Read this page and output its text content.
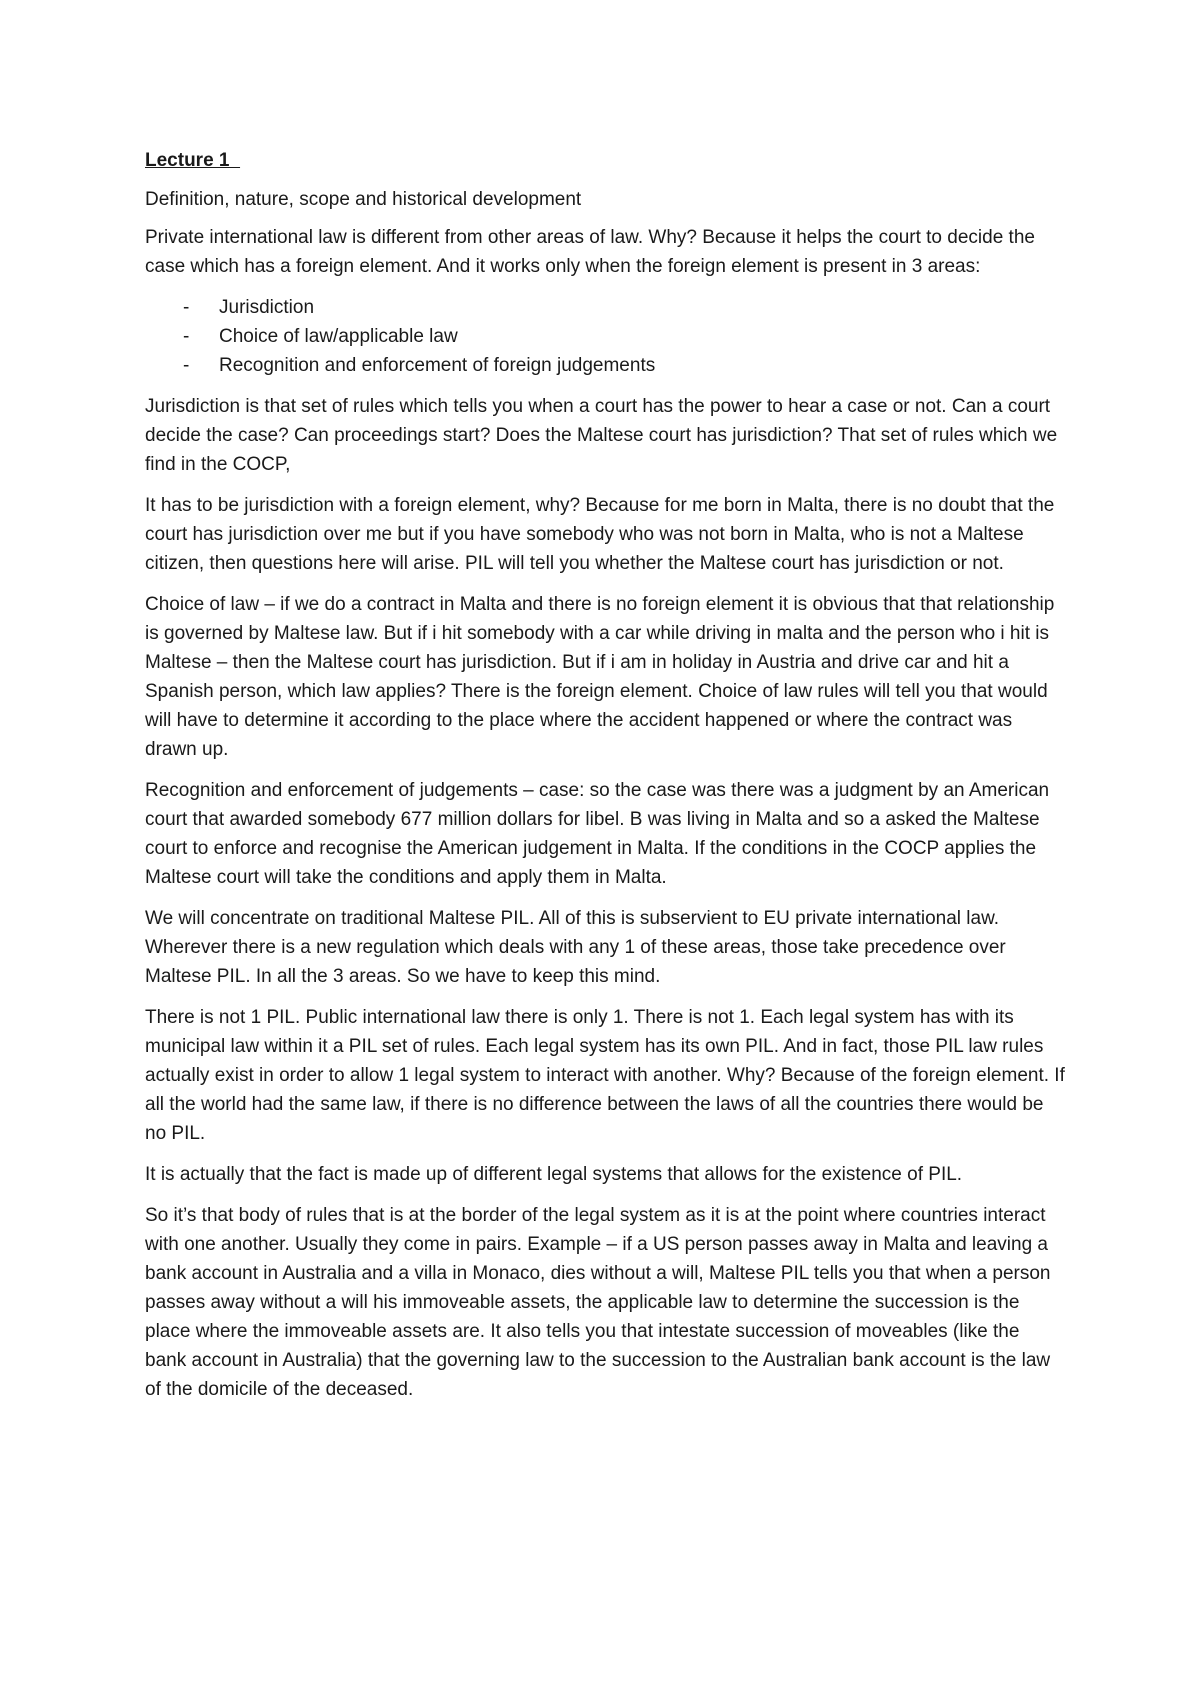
Lecture 1
Definition, nature, scope and historical development

Private international law is different from other areas of law. Why? Because it helps the court to decide the case which has a foreign element. And it works only when the foreign element is present in 3 areas:

- Jurisdiction
- Choice of law/applicable law
- Recognition and enforcement of foreign judgements

Jurisdiction is that set of rules which tells you when a court has the power to hear a case or not. Can a court decide the case? Can proceedings start? Does the Maltese court has jurisdiction? That set of rules which we find in the COCP,

It has to be jurisdiction with a foreign element, why? Because for me born in Malta, there is no doubt that the court has jurisdiction over me but if you have somebody who was not born in Malta, who is not a Maltese citizen, then questions here will arise. PIL will tell you whether the Maltese court has jurisdiction or not.

Choice of law – if we do a contract in Malta and there is no foreign element it is obvious that that relationship is governed by Maltese law. But if i hit somebody with a car while driving in malta and the person who i hit is Maltese – then the Maltese court has jurisdiction. But if i am in holiday in Austria and drive car and hit a Spanish person, which law applies? There is the foreign element. Choice of law rules will tell you that would will have to determine it according to the place where the accident happened or where the contract was drawn up.

Recognition and enforcement of judgements – case: so the case was there was a judgment by an American court that awarded somebody 677 million dollars for libel. B was living in Malta and so a asked the Maltese court to enforce and recognise the American judgement in Malta. If the conditions in the COCP applies the Maltese court will take the conditions and apply them in Malta.

We will concentrate on traditional Maltese PIL. All of this is subservient to EU private international law. Wherever there is a new regulation which deals with any 1 of these areas, those take precedence over Maltese PIL. In all the 3 areas. So we have to keep this mind.

There is not 1 PIL. Public international law there is only 1. There is not 1. Each legal system has with its municipal law within it a PIL set of rules. Each legal system has its own PIL. And in fact, those PIL law rules actually exist in order to allow 1 legal system to interact with another. Why? Because of the foreign element. If all the world had the same law, if there is no difference between the laws of all the countries there would be no PIL.

It is actually that the fact is made up of different legal systems that allows for the existence of PIL.

So it’s that body of rules that is at the border of the legal system as it is at the point where countries interact with one another. Usually they come in pairs. Example – if a US person passes away in Malta and leaving a bank account in Australia and a villa in Monaco, dies without a will, Maltese PIL tells you that when a person passes away without a will his immoveable assets, the applicable law to determine the succession is the place where the immoveable assets are. It also tells you that intestate succession of moveables (like the bank account in Australia) that the governing law to the succession to the Australian bank account is the law of the domicile of the deceased.
